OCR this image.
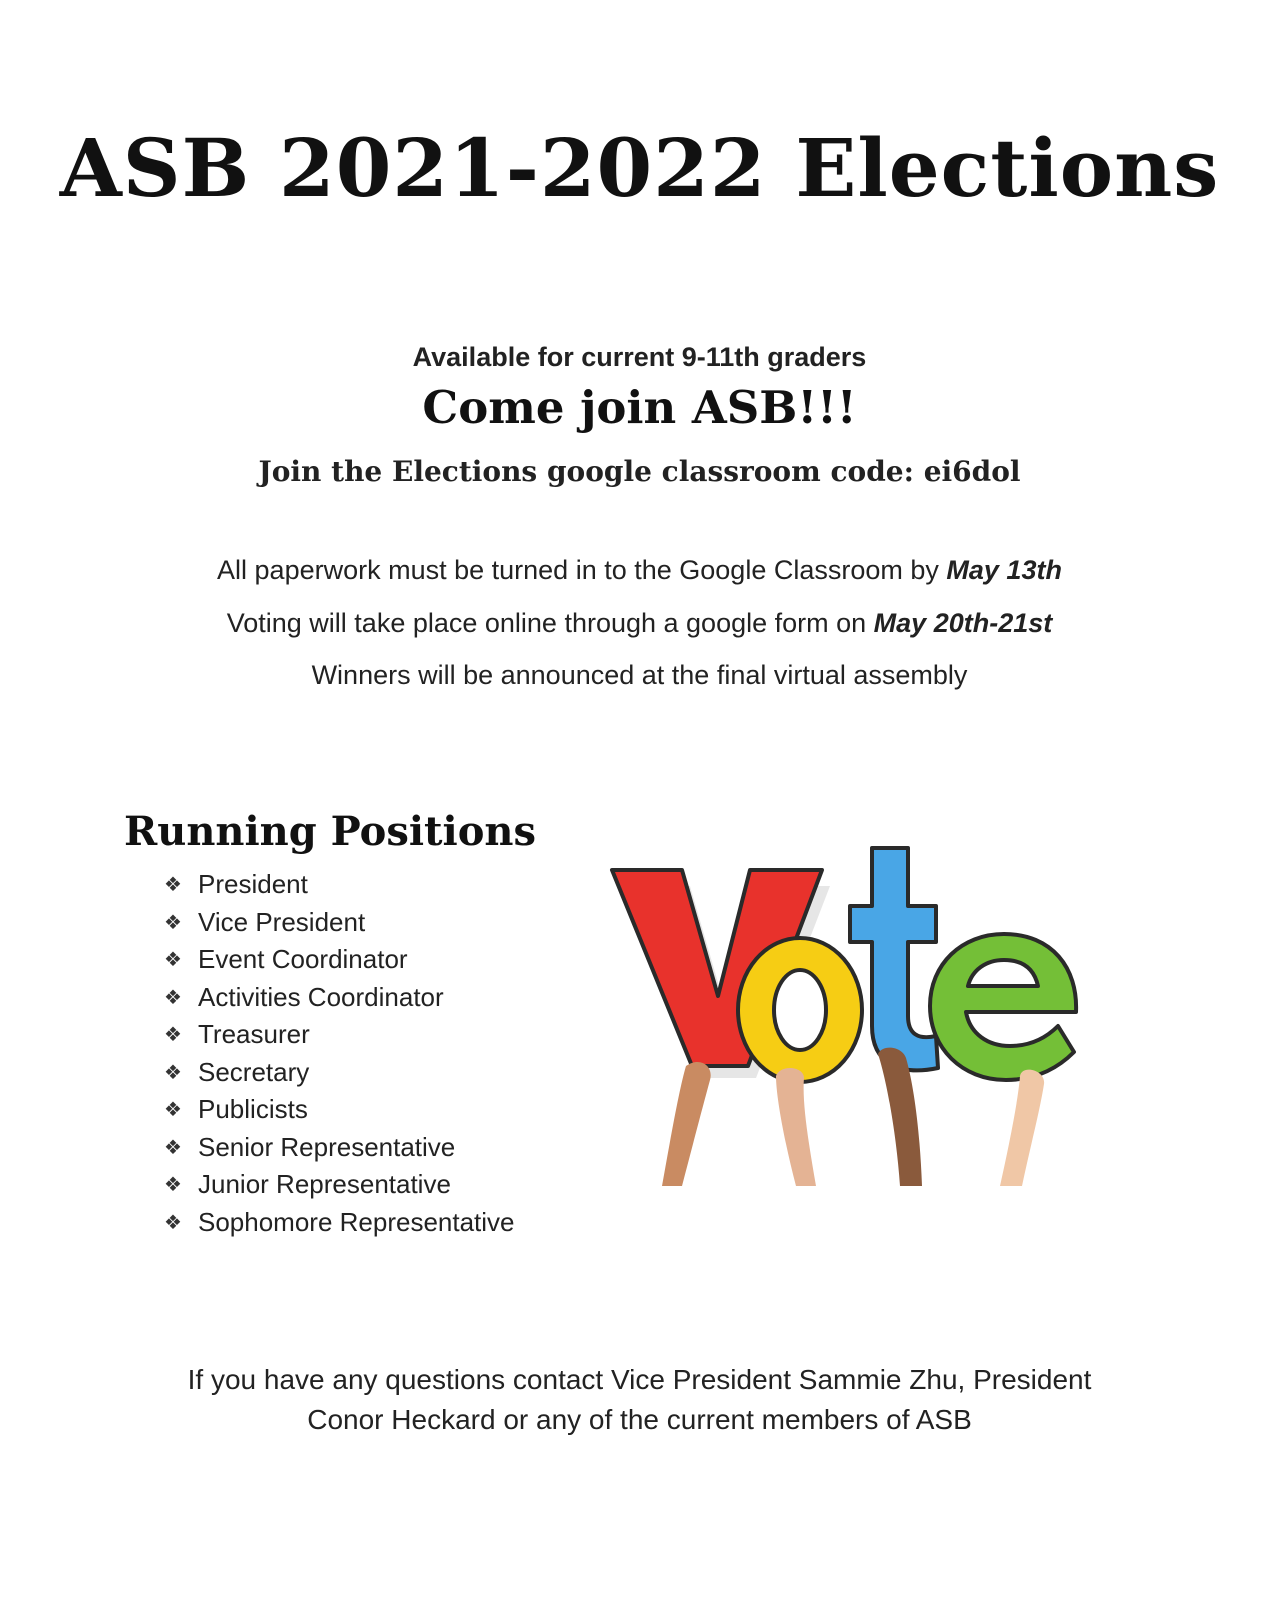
ASB 2021-2022 Elections

Available for current 9-11th graders

Come join ASB!!!

Join the Elections google classroom code: ei6dol

All paperwork must be turned in to the Google Classroom by May 13th

Voting will take place online through a google form on May 20th-21st

Winners will be announced at the final virtual assembly

Running Positions
❖ President
❖ Vice President
❖ Event Coordinator
❖ Activities Coordinator
❖ Treasurer
❖ Secretary
❖ Publicists
❖ Senior Representative
❖ Junior Representative
❖ Sophomore Representative

If you have any questions contact Vice President Sammie Zhu, President
Conor Heckard or any of the current members of ASB
